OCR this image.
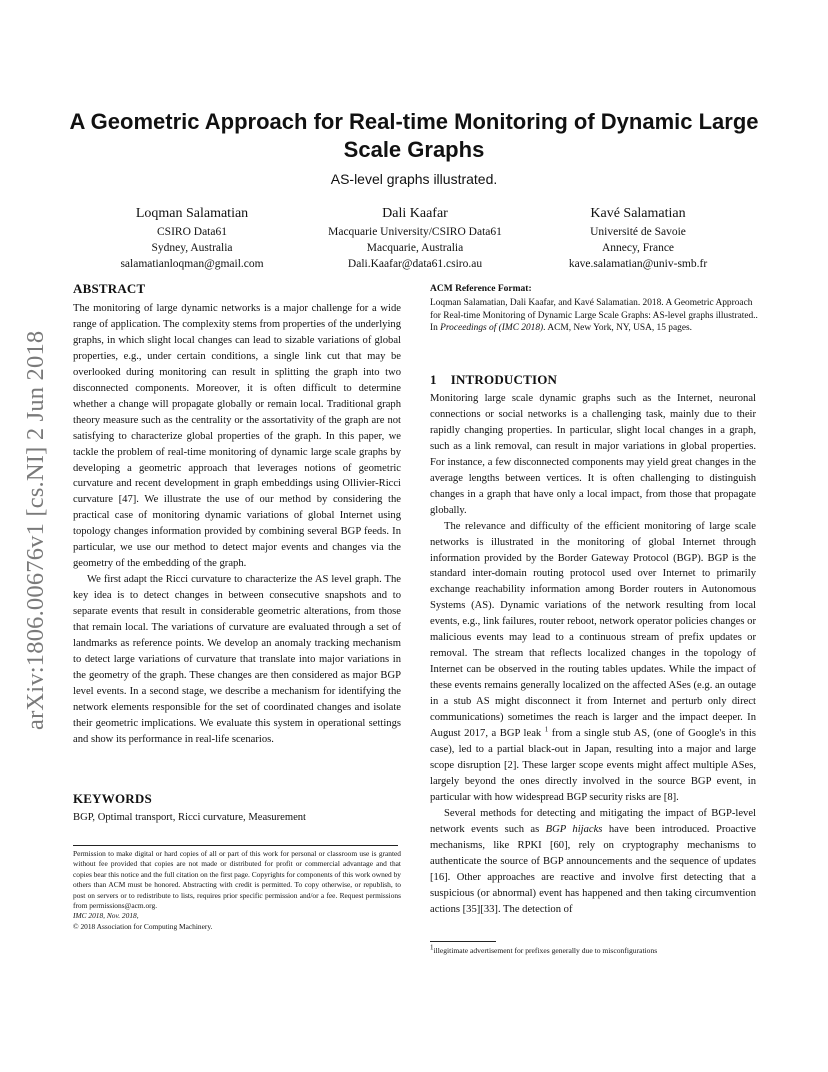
arXiv:1806.00676v1 [cs.NI] 2 Jun 2018
A Geometric Approach for Real-time Monitoring of Dynamic Large Scale Graphs
AS-level graphs illustrated.
Loqman Salamatian
CSIRO Data61
Sydney, Australia
salamatianloqman@gmail.com
Dali Kaafar
Macquarie University/CSIRO Data61
Macquarie, Australia
Dali.Kaafar@data61.csiro.au
Kavé Salamatian
Université de Savoie
Annecy, France
kave.salamatian@univ-smb.fr
ABSTRACT

The monitoring of large dynamic networks is a major challenge for a wide range of application. The complexity stems from properties of the underlying graphs, in which slight local changes can lead to sizable variations of global properties, e.g., under certain conditions, a single link cut that may be overlooked during monitoring can result in splitting the graph into two disconnected components. Moreover, it is often difficult to determine whether a change will propagate globally or remain local. Traditional graph theory measure such as the centrality or the assortativity of the graph are not satisfying to characterize global properties of the graph. In this paper, we tackle the problem of real-time monitoring of dynamic large scale graphs by developing a geometric approach that leverages notions of geometric curvature and recent development in graph embeddings using Ollivier-Ricci curvature [47]. We illustrate the use of our method by considering the practical case of monitoring dynamic variations of global Internet using topology changes information provided by combining several BGP feeds. In particular, we use our method to detect major events and changes via the geometry of the embedding of the graph.

We first adapt the Ricci curvature to characterize the AS level graph. The key idea is to detect changes in between consecutive snapshots and to separate events that result in considerable geometric alterations, from those that remain local. The variations of curvature are evaluated through a set of landmarks as reference points. We develop an anomaly tracking mechanism to detect large variations of curvature that translate into major variations in the geometry of the graph. These changes are then considered as major BGP level events. In a second stage, we describe a mechanism for identifying the network elements responsible for the set of coordinated changes and isolate their geometric implications. We evaluate this system in operational settings and show its performance in real-life scenarios.

KEYWORDS
BGP, Optimal transport, Ricci curvature, Measurement
Permission to make digital or hard copies of all or part of this work for personal or classroom use is granted without fee provided that copies are not made or distributed for profit or commercial advantage and that copies bear this notice and the full citation on the first page. Copyrights for components of this work owned by others than ACM must be honored. Abstracting with credit is permitted. To copy otherwise, or republish, to post on servers or to redistribute to lists, requires prior specific permission and/or a fee. Request permissions from permissions@acm.org.
IMC 2018, Nov. 2018,
© 2018 Association for Computing Machinery.
ACM Reference Format:
Loqman Salamatian, Dali Kaafar, and Kavé Salamatian. 2018. A Geometric Approach for Real-time Monitoring of Dynamic Large Scale Graphs: AS-level graphs illustrated.. In Proceedings of (IMC 2018). ACM, New York, NY, USA, 15 pages.
1 INTRODUCTION

Monitoring large scale dynamic graphs such as the Internet, neuronal connections or social networks is a challenging task, mainly due to their rapidly changing properties. In particular, slight local changes in a graph, such as a link removal, can result in major variations in global properties. For instance, a few disconnected components may yield great changes in the average lengths between vertices. It is often challenging to distinguish changes in a graph that have only a local impact, from those that propagate globally.

The relevance and difficulty of the efficient monitoring of large scale networks is illustrated in the monitoring of global Internet through information provided by the Border Gateway Protocol (BGP). BGP is the standard inter-domain routing protocol used over Internet to primarily exchange reachability information among Border routers in Autonomous Systems (AS). Dynamic variations of the network resulting from local events, e.g., link failures, router reboot, network operator policies changes or malicious events may lead to a continuous stream of prefix updates or removal. The stream that reflects localized changes in the topology of Internet can be observed in the routing tables updates. While the impact of these events remains generally localized on the affected ASes (e.g. an outage in a stub AS might disconnect it from Internet and perturb only direct communications) sometimes the reach is larger and the impact deeper. In August 2017, a BGP leak $^1$ from a single stub AS, (one of Google's in this case), led to a partial black-out in Japan, resulting into a major and large scope disruption [2]. These larger scope events might affect multiple ASes, largely beyond the ones directly involved in the source BGP event, in particular with how widespread BGP security risks are [8].

Several methods for detecting and mitigating the impact of BGP-level network events such as BGP hijacks have been introduced. Proactive mechanisms, like RPKI [60], rely on cryptography mechanisms to authenticate the source of BGP announcements and the sequence of updates [16]. Other approaches are reactive and involve first detecting that a suspicious (or abnormal) event has happened and then taking circumvention actions [35][33]. The detection of

$^1$illegitimate advertisement for prefixes generally due to misconfigurations
